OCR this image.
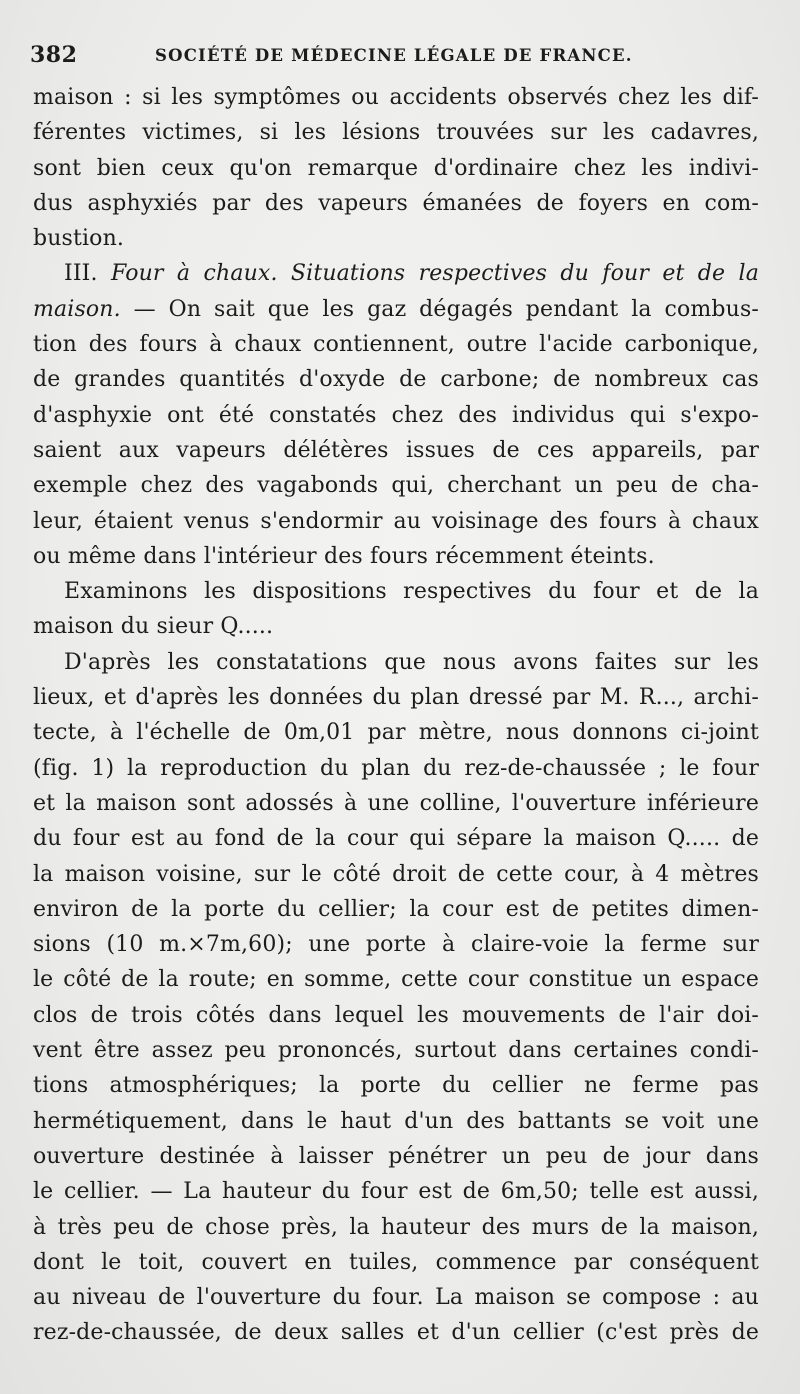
382	SOCIÉTÉ DE MÉDECINE LÉGALE DE FRANCE.
maison : si les symptômes ou accidents observés chez les dif-
férentes victimes, si les lésions trouvées sur les cadavres,
sont bien ceux qu'on remarque d'ordinaire chez les indivi-
dus asphyxiés par des vapeurs émanées de foyers en com-
bustion.
III. Four à chaux. Situations respectives du four et de la
maison. — On sait que les gaz dégagés pendant la combus-
tion des fours à chaux contiennent, outre l'acide carbonique,
de grandes quantités d'oxyde de carbone; de nombreux cas
d'asphyxie ont été constatés chez des individus qui s'expo-
saient aux vapeurs délétères issues de ces appareils, par
exemple chez des vagabonds qui, cherchant un peu de cha-
leur, étaient venus s'endormir au voisinage des fours à chaux
ou même dans l'intérieur des fours récemment éteints.
Examinons les dispositions respectives du four et de la
maison du sieur Q.....
D'après les constatations que nous avons faites sur les
lieux, et d'après les données du plan dressé par M. R..., archi-
tecte, à l'échelle de 0m,01 par mètre, nous donnons ci-joint
(fig. 1) la reproduction du plan du rez-de-chaussée ; le four
et la maison sont adossés à une colline, l'ouverture inférieure
du four est au fond de la cour qui sépare la maison Q..... de
la maison voisine, sur le côté droit de cette cour, à 4 mètres
environ de la porte du cellier; la cour est de petites dimen-
sions (10 m.×7m,60); une porte à claire-voie la ferme sur
le côté de la route; en somme, cette cour constitue un espace
clos de trois côtés dans lequel les mouvements de l'air doi-
vent être assez peu prononcés, surtout dans certaines condi-
tions atmosphériques; la porte du cellier ne ferme pas
hermétiquement, dans le haut d'un des battants se voit une
ouverture destinée à laisser pénétrer un peu de jour dans
le cellier. — La hauteur du four est de 6m,50; telle est aussi,
à très peu de chose près, la hauteur des murs de la maison,
dont le toit, couvert en tuiles, commence par conséquent
au niveau de l'ouverture du four. La maison se compose : au
rez-de-chaussée, de deux salles et d'un cellier (c'est près de
